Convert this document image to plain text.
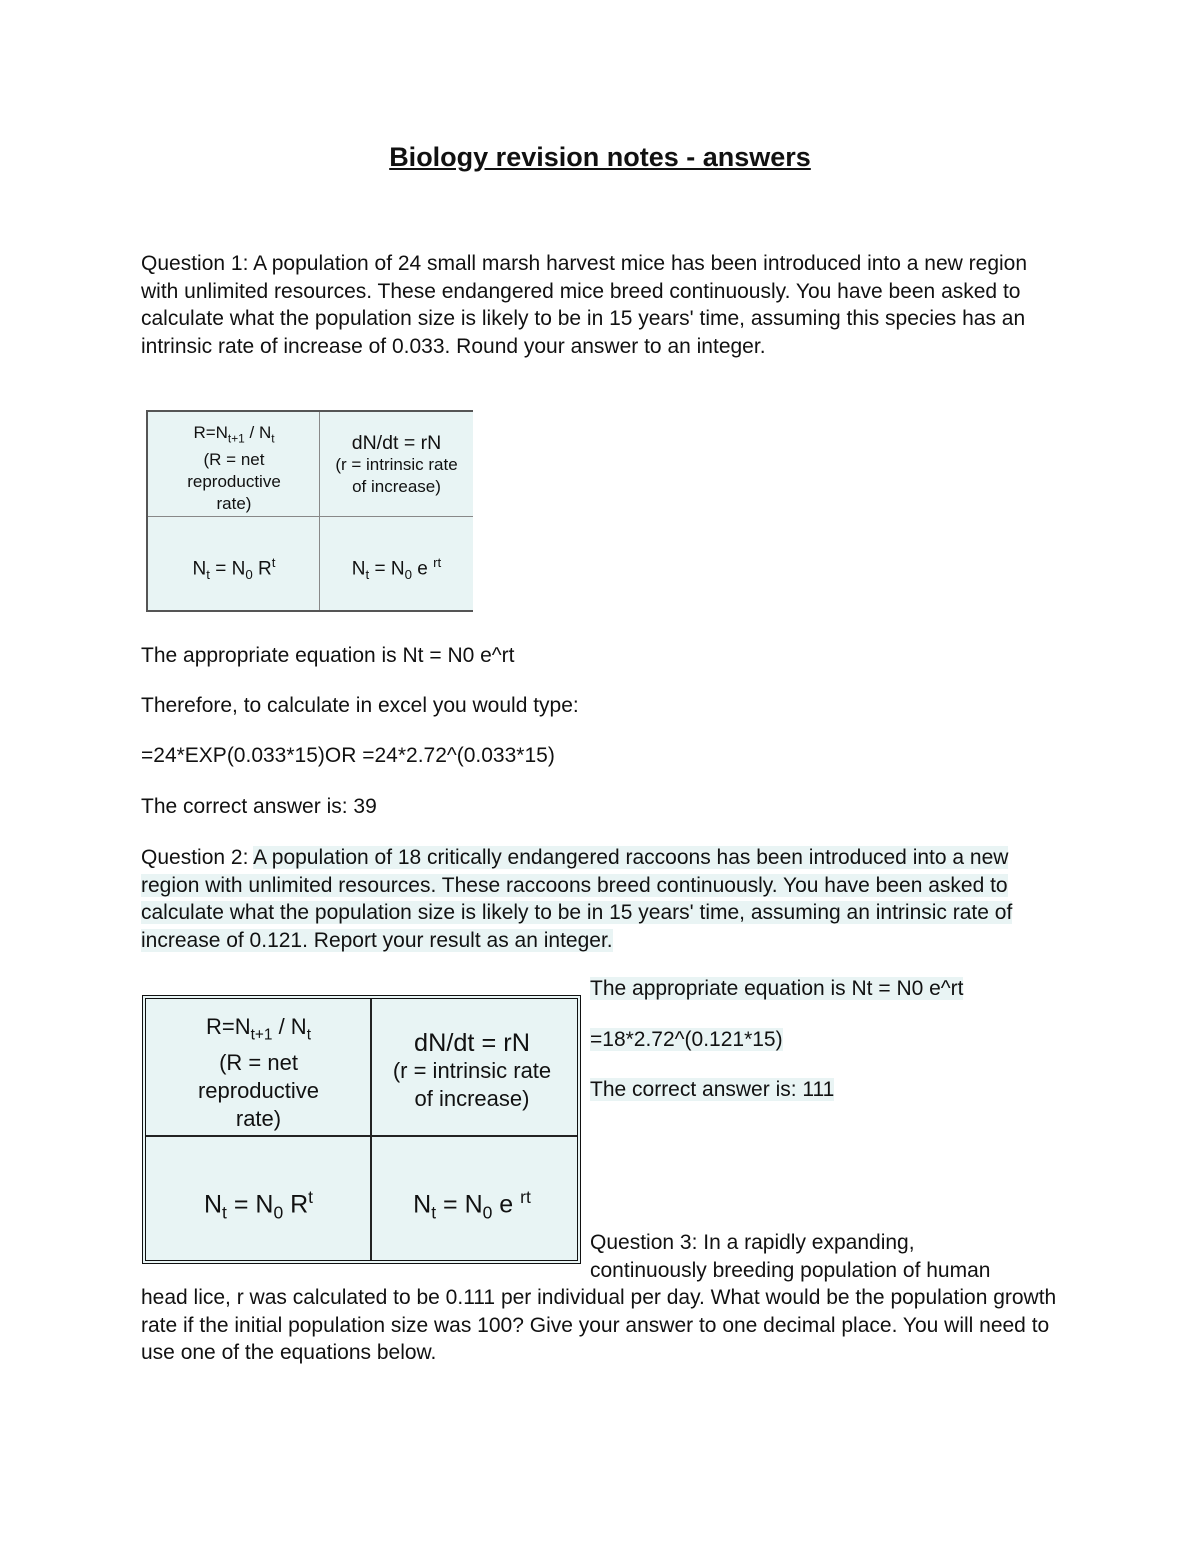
Biology revision notes - answers

Question 1: A population of 24 small marsh harvest mice has been introduced into a new region with unlimited resources. These endangered mice breed continuously. You have been asked to calculate what the population size is likely to be in 15 years' time, assuming this species has an intrinsic rate of increase of 0.033. Round your answer to an integer.

$R=N_{t+1} / N_t$
(R = net
reproductive
rate)
dN/dt = rN
(r = intrinsic rate
of increase)
$N_t = N_0$ $R^t$	$N_t = N_0$ e $^{rt}$

The appropriate equation is Nt = N0 e^rt

Therefore, to calculate in excel you would type:

=24*EXP(0.033*15)OR =24*2.72^(0.033*15)

The correct answer is: 39

Question 2: A population of 18 critically endangered raccoons has been introduced into a new region with unlimited resources. These raccoons breed continuously. You have been asked to calculate what the population size is likely to be in 15 years' time, assuming an intrinsic rate of increase of 0.121. Report your result as an integer.

$R=N_{t+1} / N_t$
(R = net
reproductive
rate)
dN/dt = rN
(r = intrinsic rate
of increase)
$N_t = N_0$ $R^t$	$N_t = N_0$ e $^{rt}$

The appropriate equation is Nt = N0 e^rt

=18*2.72^(0.121*15)

The correct answer is: 111

Question 3: In a rapidly expanding,
continuously breeding population of human

head lice, r was calculated to be 0.111 per individual per day. What would be the population growth rate if the initial population size was 100? Give your answer to one decimal place. You will need to use one of the equations below.
